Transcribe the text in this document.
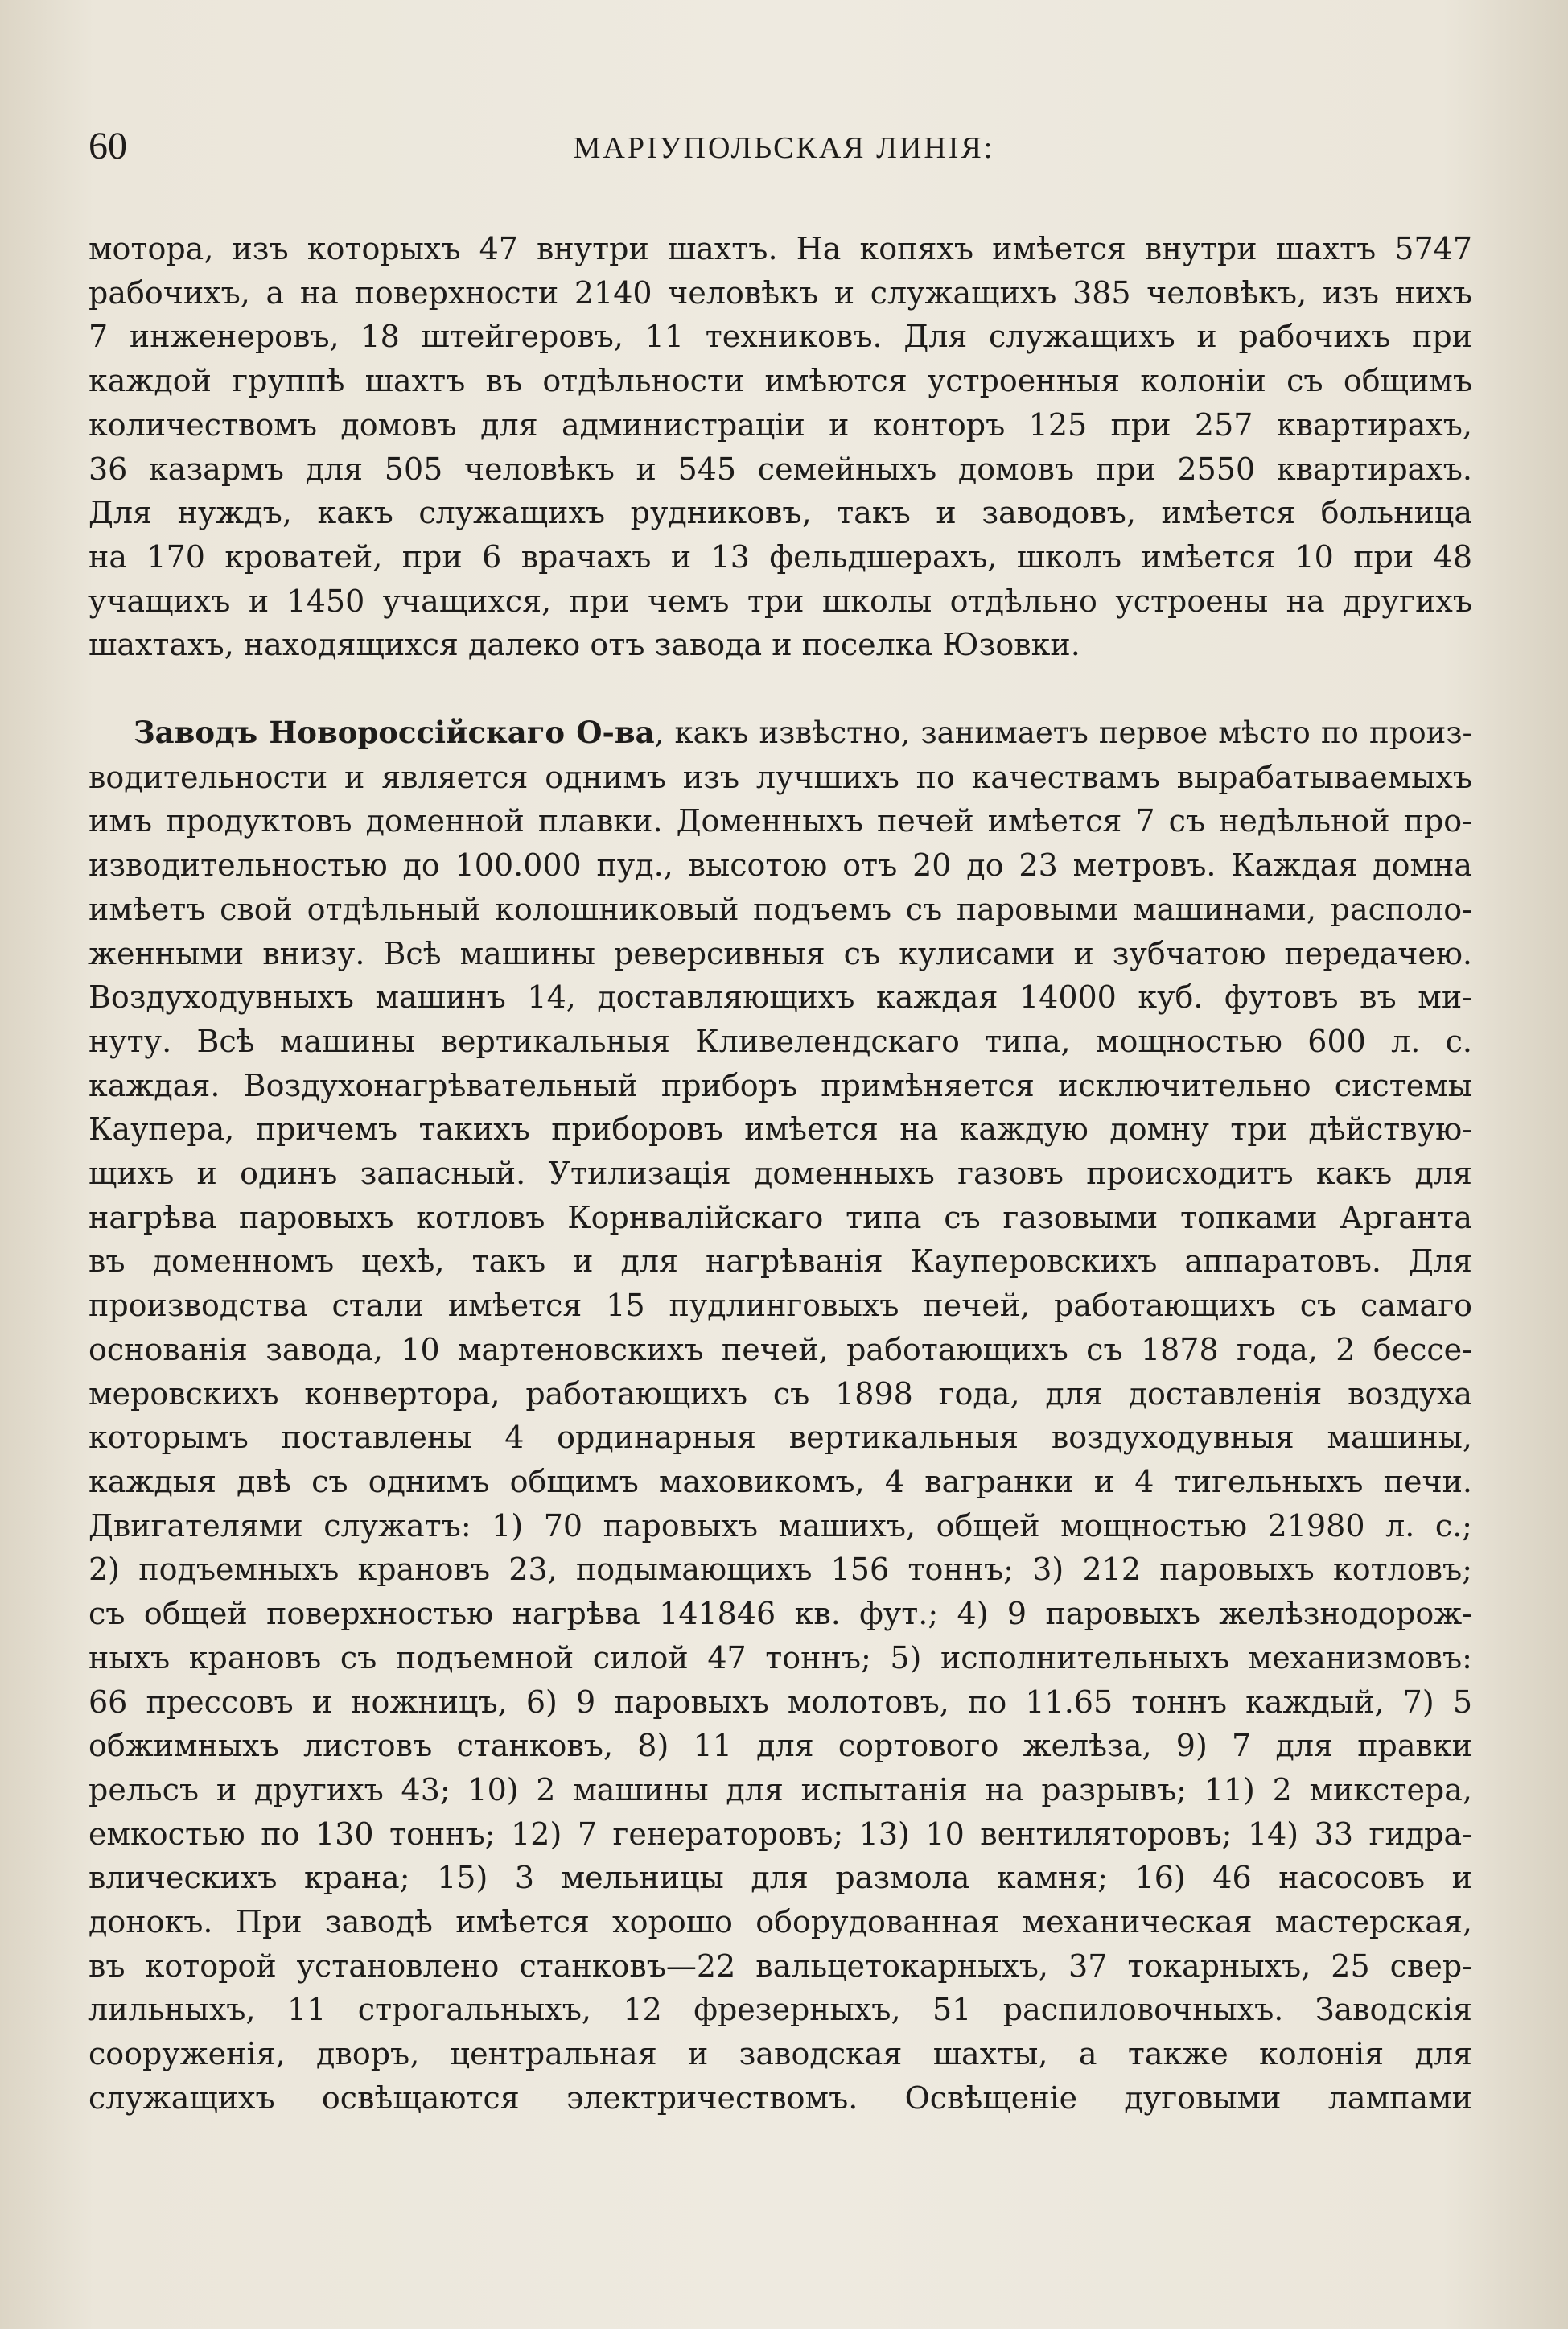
60	МАРІУПОЛЬСКАЯ ЛИНІЯ:
мотора, изъ которыхъ 47 внутри шахтъ. На копяхъ имѣется внутри шахтъ 5747
рабочихъ, а на поверхности 2140 человѣкъ и служащихъ 385 человѣкъ, изъ нихъ
7 инженеровъ, 18 штейгеровъ, 11 техниковъ. Для служащихъ и рабочихъ при
каждой группѣ шахтъ въ отдѣльности имѣются устроенныя колоніи съ общимъ
количествомъ домовъ для администраціи и конторъ 125 при 257 квартирахъ,
36 казармъ для 505 человѣкъ и 545 семейныхъ домовъ при 2550 квартирахъ.
Для нуждъ, какъ служащихъ рудниковъ, такъ и заводовъ, имѣется больница
на 170 кроватей, при 6 врачахъ и 13 фельдшерахъ, школъ имѣется 10 при 48
учащихъ и 1450 учащихся, при чемъ три школы отдѣльно устроены на другихъ
шахтахъ, находящихся далеко отъ завода и поселка Юзовки.
Заводъ Новороссійскаго О-ва, какъ извѣстно, занимаетъ первое мѣсто по произ-
водительности и является однимъ изъ лучшихъ по качествамъ вырабатываемыхъ
имъ продуктовъ доменной плавки. Доменныхъ печей имѣется 7 съ недѣльной про-
изводительностью до 100.000 пуд., высотою отъ 20 до 23 метровъ. Каждая домна
имѣетъ свой отдѣльный колошниковый подъемъ съ паровыми машинами, располо-
женными внизу. Всѣ машины реверсивныя съ кулисами и зубчатою передачею.
Воздуходувныхъ машинъ 14, доставляющихъ каждая 14000 куб. футовъ въ ми-
нуту. Всѣ машины вертикальныя Кливелендскаго типа, мощностью 600 л. с.
каждая. Воздухонагрѣвательный приборъ примѣняется исключительно системы
Каупера, причемъ такихъ приборовъ имѣется на каждую домну три дѣйствую-
щихъ и одинъ запасный. Утилизація доменныхъ газовъ происходитъ какъ для
нагрѣва паровыхъ котловъ Корнвалійскаго типа съ газовыми топками Арганта
въ доменномъ цехѣ, такъ и для нагрѣванія Кауперовскихъ аппаратовъ. Для
производства стали имѣется 15 пудлинговыхъ печей, работающихъ съ самаго
основанія завода, 10 мартеновскихъ печей, работающихъ съ 1878 года, 2 бессе-
меровскихъ конвертора, работающихъ съ 1898 года, для доставленія воздуха
которымъ поставлены 4 ординарныя вертикальныя воздуходувныя машины,
каждыя двѣ съ однимъ общимъ маховикомъ, 4 вагранки и 4 тигельныхъ печи.
Двигателями служатъ: 1) 70 паровыхъ машихъ, общей мощностью 21980 л. с.;
2) подъемныхъ крановъ 23, подымающихъ 156 тоннъ; 3) 212 паровыхъ котловъ;
съ общей поверхностью нагрѣва 141846 кв. фут.; 4) 9 паровыхъ желѣзнодорож-
ныхъ крановъ съ подъемной силой 47 тоннъ; 5) исполнительныхъ механизмовъ:
66 прессовъ и ножницъ, 6) 9 паровыхъ молотовъ, по 11.65 тоннъ каждый, 7) 5
обжимныхъ листовъ станковъ, 8) 11 для сортового желѣза, 9) 7 для правки
рельсъ и другихъ 43; 10) 2 машины для испытанія на разрывъ; 11) 2 микстера,
емкостью по 130 тоннъ; 12) 7 генераторовъ; 13) 10 вентиляторовъ; 14) 33 гидра-
влическихъ крана; 15) 3 мельницы для размола камня; 16) 46 насосовъ и
донокъ. При заводѣ имѣется хорошо оборудованная механическая мастерская,
въ которой установлено станковъ—22 вальцетокарныхъ, 37 токарныхъ, 25 свер-
лильныхъ, 11 строгальныхъ, 12 фрезерныхъ, 51 распиловочныхъ. Заводскія
сооруженія, дворъ, центральная и заводская шахты, а также колонія для
служащихъ освѣщаются электричествомъ. Освѣщеніе дуговыми лампами
